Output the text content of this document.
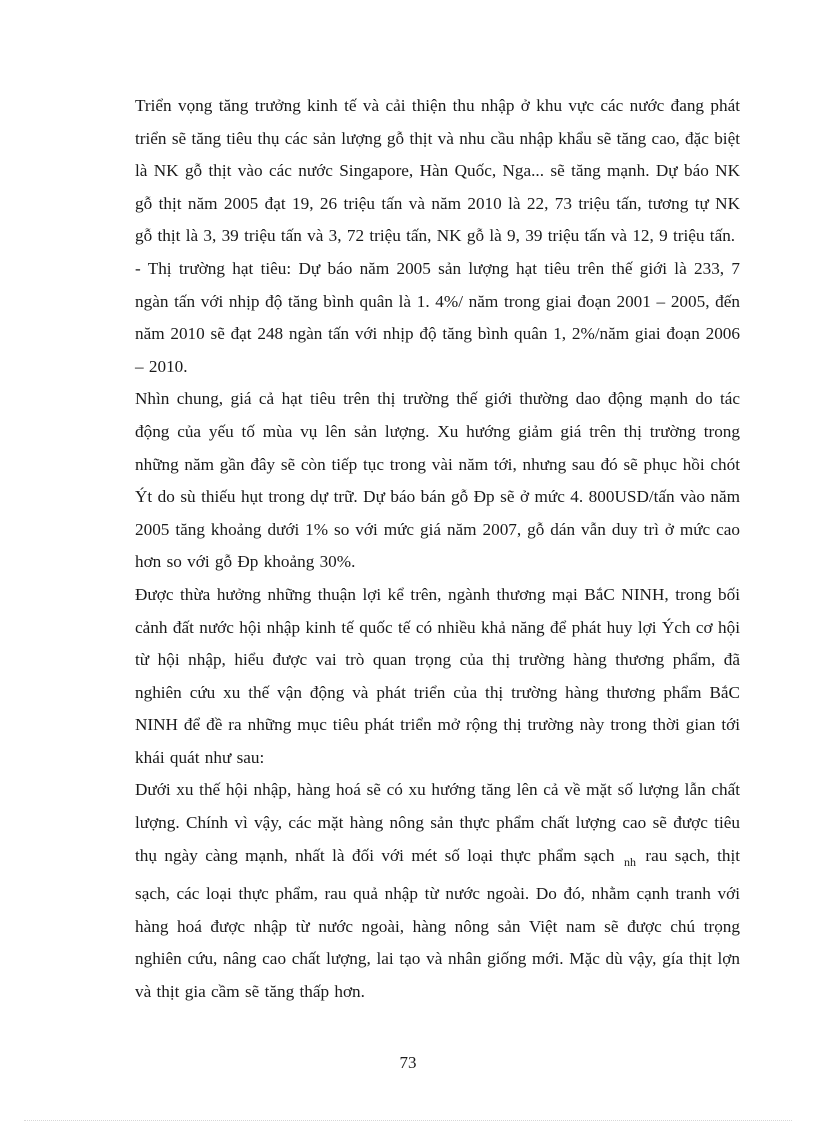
Triển vọng tăng trưởng kinh tế và cải thiện thu nhập ở khu vực các nước đang phát triển sẽ tăng tiêu thụ các sản lượng gỗ thịt và nhu cầu nhập khẩu sẽ tăng cao, đặc biệt là NK gỗ thịt vào các nước Singapore, Hàn Quốc, Nga... sẽ tăng mạnh. Dự báo NK gỗ thịt năm 2005 đạt 19, 26 triệu tấn và năm 2010 là 22, 73 triệu tấn, tương tự NK gỗ thịt là 3, 39 triệu tấn và 3, 72 triệu tấn, NK gỗ là 9, 39 triệu tấn và 12, 9 triệu tấn.

- Thị trường hạt tiêu: Dự báo năm 2005 sản lượng hạt tiêu trên thế giới là 233, 7 ngàn tấn với nhịp độ tăng bình quân là 1. 4%/ năm trong giai đoạn 2001 – 2005, đến năm 2010 sẽ đạt 248 ngàn tấn với nhịp độ tăng bình quân 1, 2%/năm giai đoạn 2006 – 2010.

Nhìn chung, giá cả hạt tiêu trên thị trường thế giới thường dao động mạnh do tác động của yếu tố mùa vụ lên sản lượng. Xu hướng giảm giá trên thị trường trong những năm gần đây sẽ còn tiếp tục trong vài năm tới, nhưng sau đó sẽ phục hồi chót Ýt do sù thiếu hụt trong dự trữ. Dự báo bán gỗ Đp sẽ ở mức 4. 800USD/tấn vào năm 2005 tăng khoảng dưới 1% so với mức giá năm 2007, gỗ dán vẫn duy trì ở mức cao hơn so với gỗ Đp khoảng 30%.

Được thừa hưởng những thuận lợi kể trên, ngành thương mại BắC NINH, trong bối cảnh đất nước hội nhập kinh tế quốc tế có nhiều khả năng để phát huy lợi Ých cơ hội từ hội nhập, hiểu được vai trò quan trọng của thị trường hàng thương phẩm, đã nghiên cứu xu thế vận động và phát triển của thị trường hàng thương phẩm BắC NINH để đề ra những mục tiêu phát triển mở rộng thị trường này trong thời gian tới khái quát như sau:

Dưới xu thế hội nhập, hàng hoá sẽ có xu hướng tăng lên cả về mặt số lượng lẫn chất lượng. Chính vì vậy, các mặt hàng nông sản thực phẩm chất lượng cao sẽ được tiêu thụ ngày càng mạnh, nhất là đối với mét số loại thực phẩm sạch $_{nh}$ rau sạch, thịt sạch, các loại thực phẩm, rau quả nhập từ nước ngoài. Do đó, nhằm cạnh tranh với hàng hoá được nhập từ nước ngoài, hàng nông sản Việt nam sẽ được chú trọng nghiên cứu, nâng cao chất lượng, lai tạo và nhân giống mới. Mặc dù vậy, gía thịt lợn và thịt gia cầm sẽ tăng thấp hơn.

73
